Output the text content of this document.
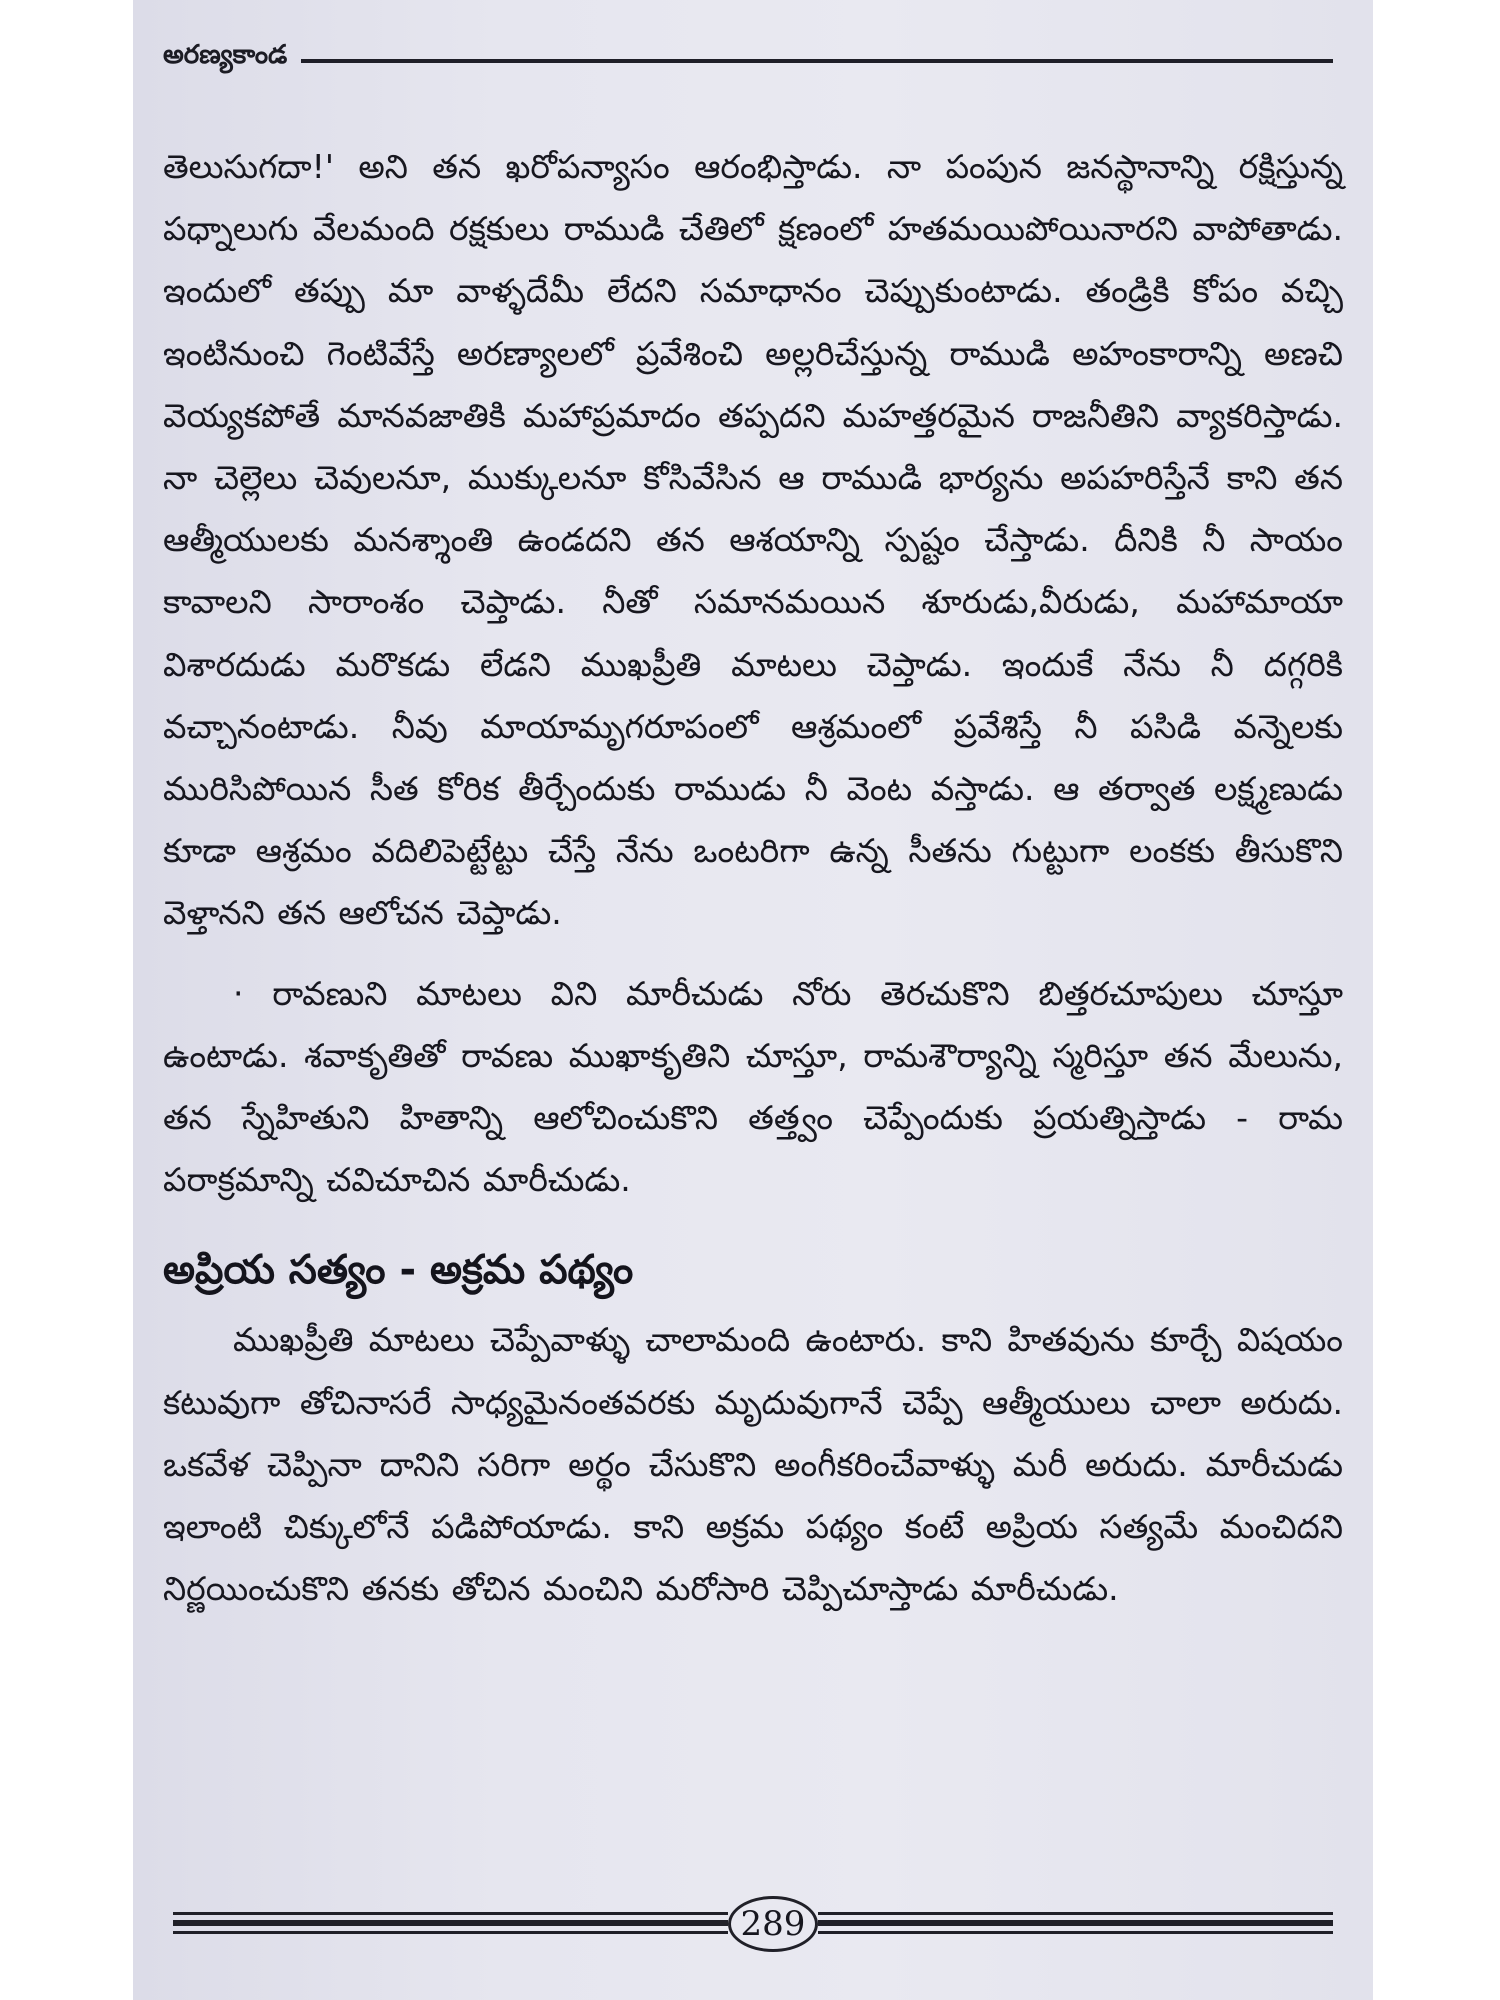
అరణ్యకాండ

తెలుసుగదా!' అని తన ఖరోపన్యాసం ఆరంభిస్తాడు. నా పంపున జనస్థానాన్ని రక్షిస్తున్న పధ్నాలుగు వేలమంది రక్షకులు రాముడి చేతిలో క్షణంలో హతమయిపోయినారని వాపోతాడు. ఇందులో తప్పు మా వాళ్ళదేమీ లేదని సమాధానం చెప్పుకుంటాడు. తండ్రికి కోపం వచ్చి ఇంటినుంచి గెంటివేస్తే అరణ్యాలలో ప్రవేశించి అల్లరిచేస్తున్న రాముడి అహంకారాన్ని అణచి వెయ్యకపోతే మానవజాతికి మహాప్రమాదం తప్పదని మహత్తరమైన రాజనీతిని వ్యాకరిస్తాడు. నా చెల్లెలు చెవులనూ, ముక్కులనూ కోసివేసిన ఆ రాముడి భార్యను అపహరిస్తేనే కాని తన ఆత్మీయులకు మనశ్శాంతి ఉండదని తన ఆశయాన్ని స్పష్టం చేస్తాడు. దీనికి నీ సాయం కావాలని సారాంశం చెప్తాడు. నీతో సమానమయిన శూరుడు,వీరుడు, మహామాయా విశారదుడు మరొకడు లేడని ముఖప్రీతి మాటలు చెప్తాడు. ఇందుకే నేను నీ దగ్గరికి వచ్చానంటాడు. నీవు మాయామృగరూపంలో ఆశ్రమంలో ప్రవేశిస్తే నీ పసిడి వన్నెలకు మురిసిపోయిన సీత కోరిక తీర్చేందుకు రాముడు నీ వెంట వస్తాడు. ఆ తర్వాత లక్ష్మణుడు కూడా ఆశ్రమం వదిలిపెట్టేట్టు చేస్తే నేను ఒంటరిగా ఉన్న సీతను గుట్టుగా లంకకు తీసుకొని వెళ్తానని తన ఆలోచన చెప్తాడు.

· రావణుని మాటలు విని మారీచుడు నోరు తెరచుకొని బిత్తరచూపులు చూస్తూ ఉంటాడు. శవాకృతితో రావణు ముఖాకృతిని చూస్తూ, రామశౌర్యాన్ని స్మరిస్తూ తన మేలును, తన స్నేహితుని హితాన్ని ఆలోచించుకొని తత్త్వం చెప్పేందుకు ప్రయత్నిస్తాడు - రామ పరాక్రమాన్ని చవిచూచిన మారీచుడు.

అప్రియ సత్యం - అక్రమ పథ్యం

ముఖప్రీతి మాటలు చెప్పేవాళ్ళు చాలామంది ఉంటారు. కాని హితవును కూర్చే విషయం కటువుగా తోచినాసరే సాధ్యమైనంతవరకు మృదువుగానే చెప్పే ఆత్మీయులు చాలా అరుదు. ఒకవేళ చెప్పినా దానిని సరిగా అర్థం చేసుకొని అంగీకరించేవాళ్ళు మరీ అరుదు. మారీచుడు ఇలాంటి చిక్కులోనే పడిపోయాడు. కాని అక్రమ పథ్యం కంటే అప్రియ సత్యమే మంచిదని నిర్ణయించుకొని తనకు తోచిన మంచిని మరోసారి చెప్పిచూస్తాడు మారీచుడు.

289
